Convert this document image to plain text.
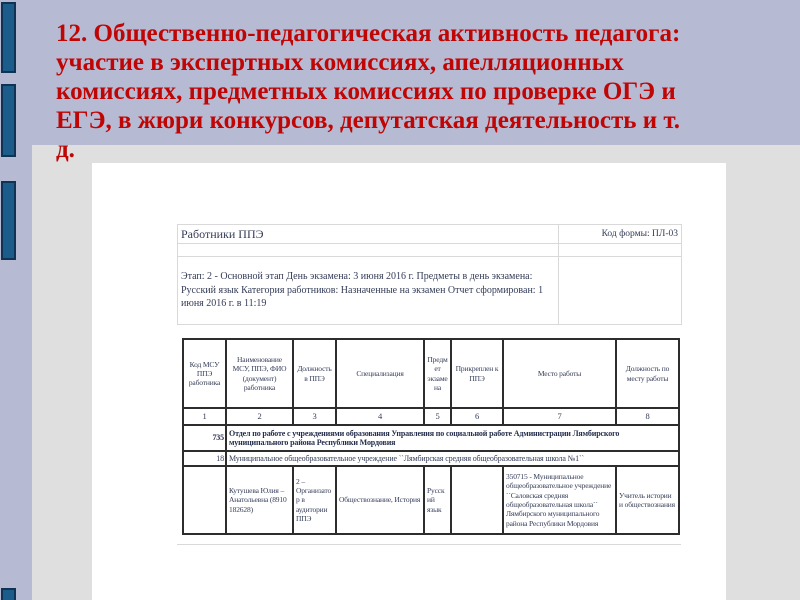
12. Общественно-педагогическая активность педагога:
участие в экспертных комиссиях, апелляционных
комиссиях, предметных комиссиях по проверке ОГЭ и
ЕГЭ, в жюри конкурсов, депутатская деятельность и т.
д.
Работники ППЭ	Код формы: ПЛ-03

Этап: 2 - Основной этап День экзамена: 3 июня 2016 г. Предметы в день экзамена: Русский язык Категория работников: Назначенные на экзамен Отчет сформирован: 1 июня 2016 г. в 11:19	
Код МСУ ППЭ работника	Наименование МСУ, ППЭ, ФИО (документ) работника	Должность в ППЭ	Специализация	Предмет экзамена	Прикреплен к ППЭ	Место работы	Должность по месту работы
1	2	3	4	5	6	7	8
735	Отдел по работе с учреждениями образования Управления по социальной работе Администрации Лямбирского муниципального района Республики Мордовия						
18	Муниципальное общеобразовательное учреждение ``Лямбирская средняя общеобразовательная школа №1``						
	Кутушева Юлия –Анатольевна (8910 182628)	2 – Организатор в аудитории ППЭ	Обществознание, История	Русский язык		350715 - Муниципальное общеобразовательное учреждение ``Саловская средняя общеобразовательная школа`` Лямбирского муниципального района Республики Мордовия	Учитель истории и обществознания
